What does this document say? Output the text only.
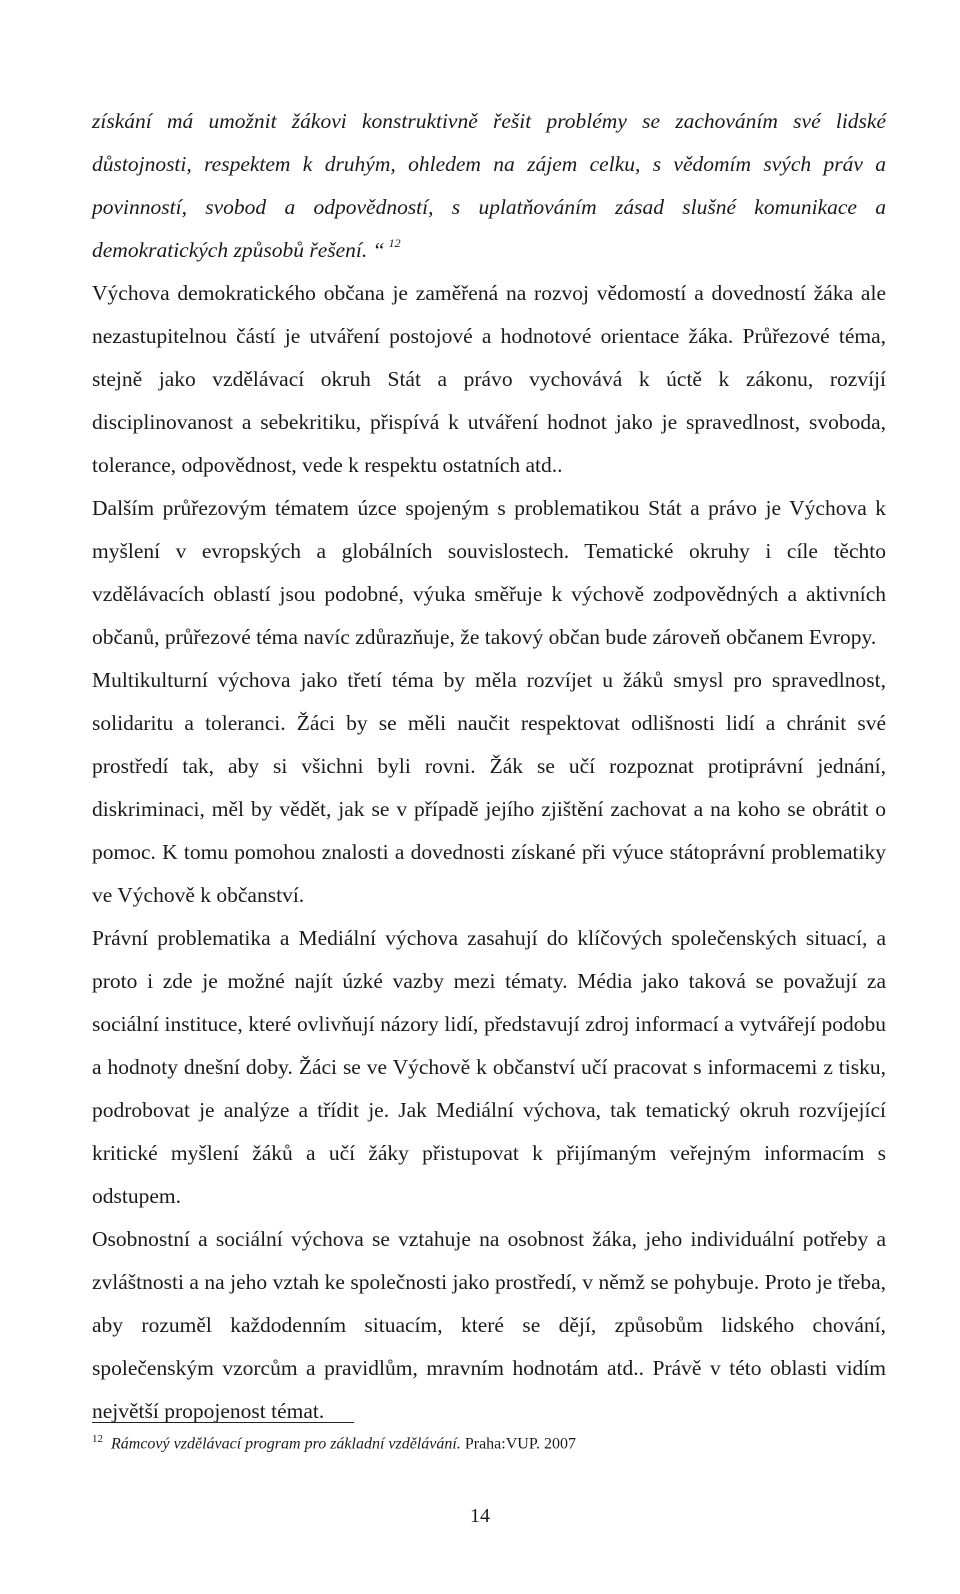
získání má umožnit žákovi konstruktivně řešit problémy se zachováním své lidské důstojnosti, respektem k druhým, ohledem na zájem celku, s vědomím svých práv a povinností, svobod a odpovědností, s uplatňováním zásad slušné komunikace a demokratických způsobů řešení. “ $^{12}$

Výchova demokratického občana je zaměřená na rozvoj vědomostí a dovedností žáka ale nezastupitelnou částí je utváření postojové a hodnotové orientace žáka. Průřezové téma, stejně jako vzdělávací okruh Stát a právo vychovává k úctě k zákonu, rozvíjí disciplinovanost a sebekritiku, přispívá k utváření hodnot jako je spravedlnost, svoboda, tolerance, odpovědnost, vede k respektu ostatních atd..

Dalším průřezovým tématem úzce spojeným s problematikou Stát a právo je Výchova k myšlení v evropských a globálních souvislostech. Tematické okruhy i cíle těchto vzdělávacích oblastí jsou podobné, výuka směřuje k výchově zodpovědných a aktivních občanů, průřezové téma navíc zdůrazňuje, že takový občan bude zároveň občanem Evropy.

Multikulturní výchova jako třetí téma by měla rozvíjet u žáků smysl pro spravedlnost, solidaritu a toleranci. Žáci by se měli naučit respektovat odlišnosti lidí a chránit své prostředí tak, aby si všichni byli rovni. Žák se učí rozpoznat protiprávní jednání, diskriminaci, měl by vědět, jak se v případě jejího zjištění zachovat a na koho se obrátit o pomoc. K tomu pomohou znalosti a dovednosti získané při výuce státoprávní problematiky ve Výchově k občanství.

Právní problematika a Mediální výchova zasahují do klíčových společenských situací, a proto i zde je možné najít úzké vazby mezi tématy. Média jako taková se považují za sociální instituce, které ovlivňují názory lidí, představují zdroj informací a vytvářejí podobu a hodnoty dnešní doby. Žáci se ve Výchově k občanství učí pracovat s informacemi z tisku, podrobovat je analýze a třídit je. Jak Mediální výchova, tak tematický okruh rozvíjející kritické myšlení žáků a učí žáky přistupovat k přijímaným veřejným informacím s odstupem.

Osobnostní a sociální výchova se vztahuje na osobnost žáka, jeho individuální potřeby a zvláštnosti a na jeho vztah ke společnosti jako prostředí, v němž se pohybuje. Proto je třeba, aby rozuměl každodenním situacím, které se dějí, způsobům lidského chování, společenským vzorcům a pravidlům, mravním hodnotám atd.. Právě v této oblasti vidím největší propojenost témat.

$^{12}$ Rámcový vzdělávací program pro základní vzdělávání. Praha:VUP. 2007
14
